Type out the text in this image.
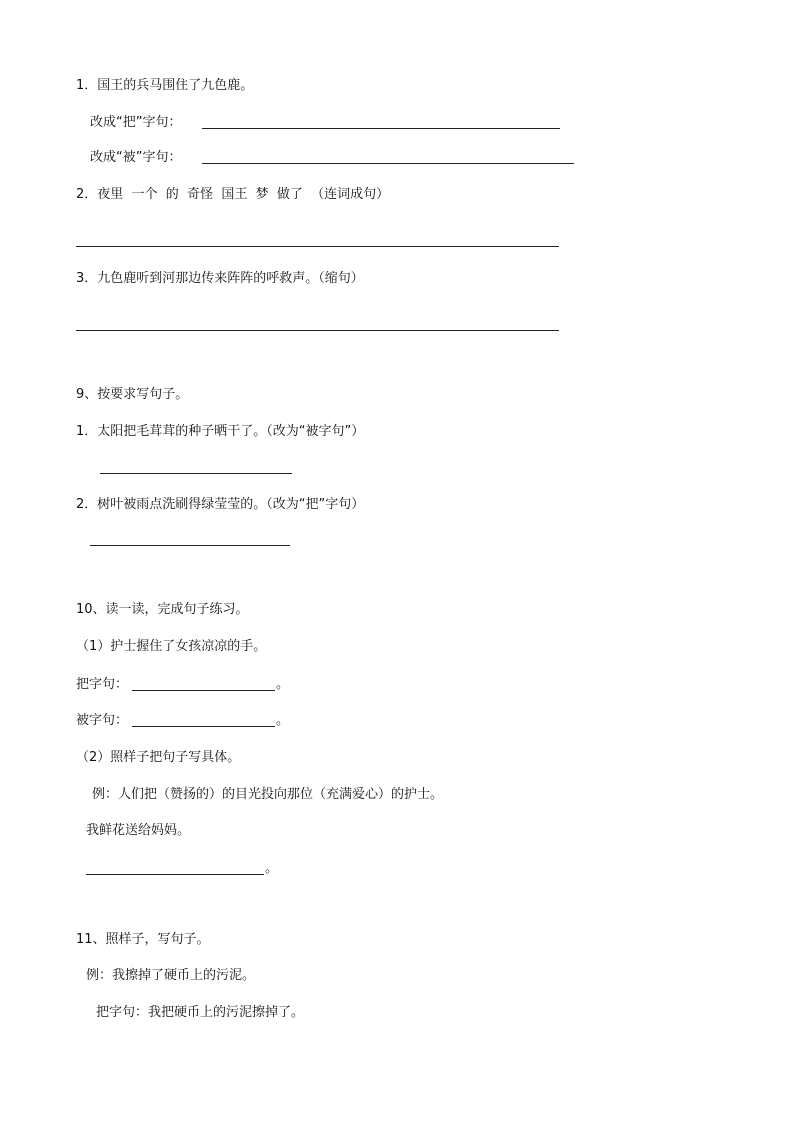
1．国王的兵马围住了九色鹿。
改成“把”字句：
改成“被”字句：
2．夜里  一个  的  奇怪  国王  梦  做了  （连词成句）
3．九色鹿听到河那边传来阵阵的呼救声。（缩句）
9、按要求写句子。
1．太阳把毛茸茸的种子晒干了。（改为“被字句”）
2．树叶被雨点洗刷得绿莹莹的。（改为“把”字句）
10、读一读，完成句子练习。
（1）护士握住了女孩凉凉的手。
把字句：	。
被字句：	。
（2）照样子把句子写具体。
例：人们把（赞扬的）的目光投向那位（充满爱心）的护士。
我鲜花送给妈妈。
。
11、照样子，写句子。
例：我擦掉了硬币上的污泥。
把字句：我把硬币上的污泥擦掉了。
